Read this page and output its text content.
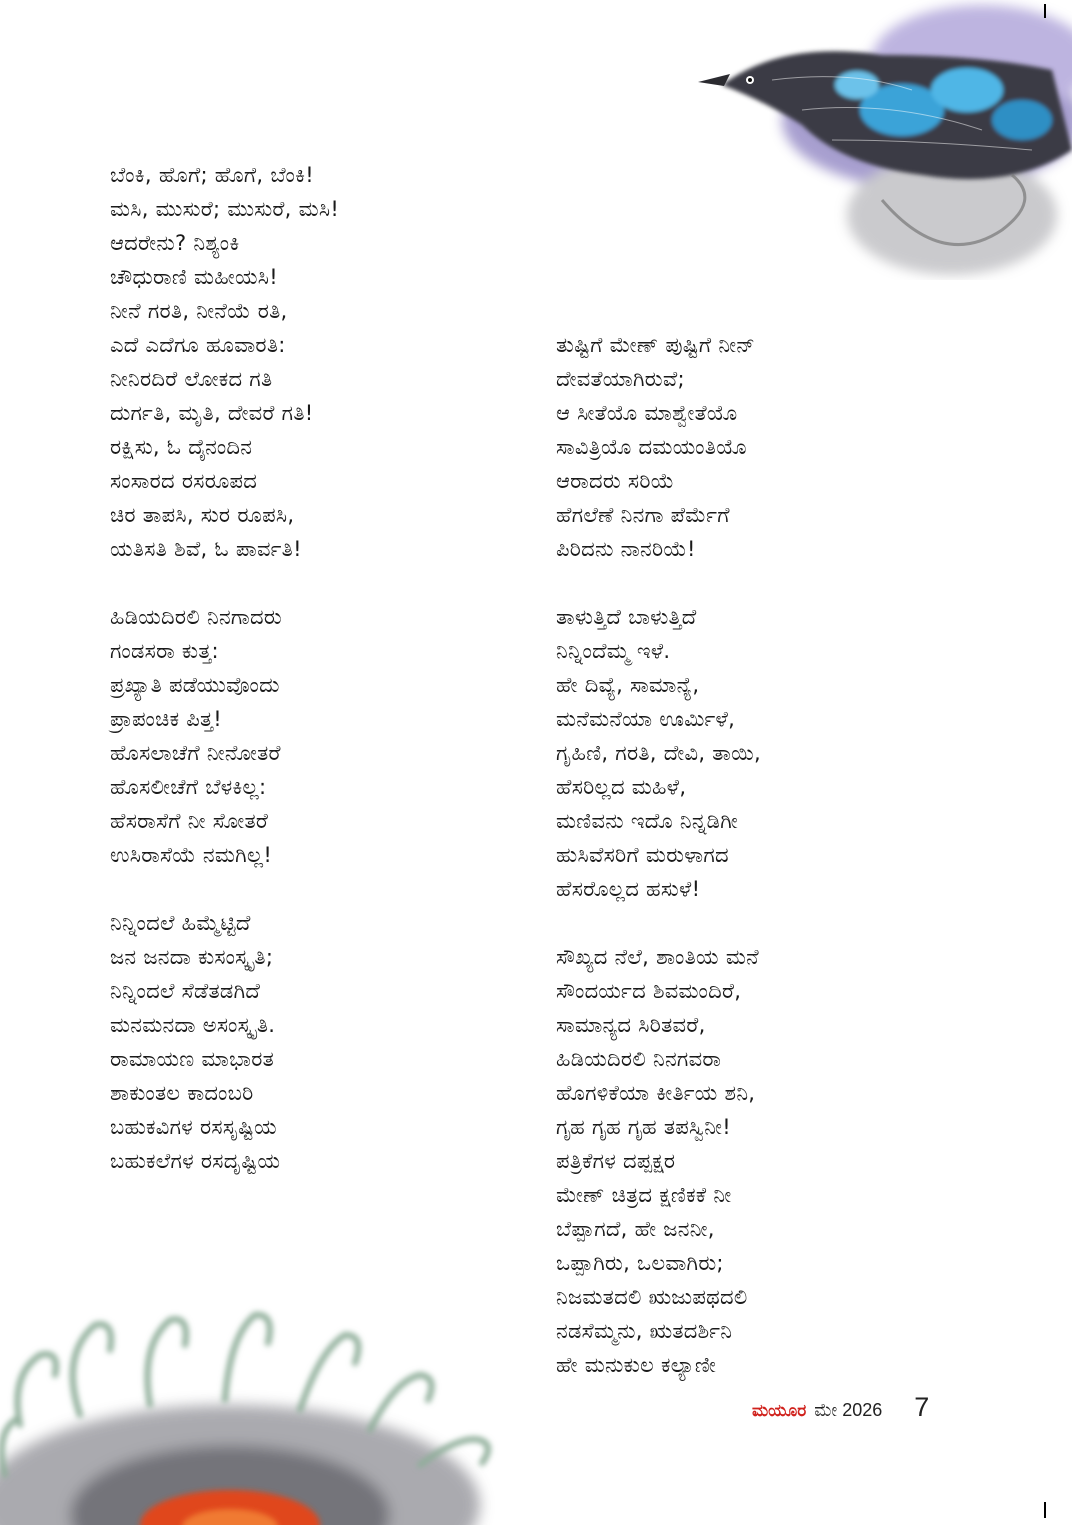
ಬೆಂಕಿ, ಹೊಗೆ; ಹೊಗೆ, ಬೆಂಕಿ!
ಮಸಿ, ಮುಸುರೆ; ಮುಸುರೆ, ಮಸಿ!
ಆದರೇನು? ನಿಶ್ಯಂಕಿ
ಚೌಧುರಾಣಿ ಮಹೀಯಸಿ!
ನೀನೆ ಗರತಿ, ನೀನೆಯೆ ರತಿ,
ಎದೆ ಎದೆಗೂ ಹೂವಾರತಿ:
ನೀನಿರದಿರೆ ಲೋಕದ ಗತಿ
ದುರ್ಗತಿ, ಮೃತಿ, ದೇವರೆ ಗತಿ!
ರಕ್ಷಿಸು, ಓ ದೈನಂದಿನ
ಸಂಸಾರದ ರಸರೂಪದ
ಚಿರ ತಾಪಸಿ, ಸುರ ರೂಪಸಿ,
ಯತಿಸತಿ ಶಿವೆ, ಓ ಪಾರ್ವತಿ!
ಹಿಡಿಯದಿರಲಿ ನಿನಗಾದರು
ಗಂಡಸರಾ ಕುತ್ತ:
ಪ್ರಖ್ಯಾತಿ ಪಡೆಯುವೊಂದು
ಪ್ರಾಪಂಚಿಕ ಪಿತ್ತ!
ಹೊಸಲಾಚೆಗೆ ನೀನೋತರೆ
ಹೊಸಲೀಚೆಗೆ ಬೆಳಕಿಲ್ಲ:
ಹೆಸರಾಸೆಗೆ ನೀ ಸೋತರೆ
ಉಸಿರಾಸೆಯೆ ನಮಗಿಲ್ಲ!
ನಿನ್ನಿಂದಲೆ ಹಿಮ್ಮೆಟ್ಟಿದೆ
ಜನ ಜನದಾ ಕುಸಂಸ್ಕೃತಿ;
ನಿನ್ನಿಂದಲೆ ಸೆಡೆತಡಗಿದೆ
ಮನಮನದಾ ಅಸಂಸ್ಕೃತಿ.
ರಾಮಾಯಣ ಮಾಭಾರತ
ಶಾಕುಂತಲ ಕಾದಂಬರಿ
ಬಹುಕವಿಗಳ ರಸಸೃಷ್ಟಿಯ
ಬಹುಕಲೆಗಳ ರಸದೃಷ್ಟಿಯ
ತುಷ್ಟಿಗೆ ಮೇಣ್ ಪುಷ್ಟಿಗೆ ನೀನ್
ದೇವತೆಯಾಗಿರುವೆ;
ಆ ಸೀತೆಯೊ ಮಾಶ್ವೇತೆಯೊ
ಸಾವಿತ್ರಿಯೊ ದಮಯಂತಿಯೊ
ಆರಾದರು ಸರಿಯೆ
ಹೆಗಲೆಣೆ ನಿನಗಾ ಪೆರ್ಮೆಗೆ
ಪಿರಿದನು ನಾನರಿಯೆ!
ತಾಳುತ್ತಿದೆ ಬಾಳುತ್ತಿದೆ
ನಿನ್ನಿಂದೆಮ್ಮ ಇಳೆ.
ಹೇ ದಿವ್ಯೆ, ಸಾಮಾನ್ಯೆ,
ಮನೆಮನೆಯಾ ಊರ್ಮಿಳೆ,
ಗೃಹಿಣಿ, ಗರತಿ, ದೇವಿ, ತಾಯಿ,
ಹೆಸರಿಲ್ಲದ ಮಹಿಳೆ,
ಮಣಿವನು ಇದೊ ನಿನ್ನಡಿಗೀ
ಹುಸಿವೆಸರಿಗೆ ಮರುಳಾಗದ
ಹೆಸರೊಲ್ಲದ ಹಸುಳೆ!
ಸೌಖ್ಯದ ನೆಲೆ, ಶಾಂತಿಯ ಮನೆ
ಸೌಂದರ್ಯದ ಶಿವಮಂದಿರೆ,
ಸಾಮಾನ್ಯದ ಸಿರಿತವರೆ,
ಹಿಡಿಯದಿರಲಿ ನಿನಗವರಾ
ಹೊಗಳಿಕೆಯಾ ಕೀರ್ತಿಯ ಶನಿ,
ಗೃಹ ಗೃಹ ಗೃಹ ತಪಸ್ವಿನೀ!
ಪತ್ರಿಕೆಗಳ ದಪ್ಪಕ್ಷರ
ಮೇಣ್ ಚಿತ್ರದ ಕ್ಷಣಿಕಕೆ ನೀ
ಬೆಪ್ಪಾಗದೆ, ಹೇ ಜನನೀ,
ಒಪ್ಪಾಗಿರು, ಒಲವಾಗಿರು;
ನಿಜಮತದಲಿ ಋಜುಪಥದಲಿ
ನಡಸೆಮ್ಮನು, ಋತದರ್ಶಿನಿ
ಹೇ ಮನುಕುಲ ಕಲ್ಯಾಣೀ
ಮಯೂರ ಮೇ 2026 7
